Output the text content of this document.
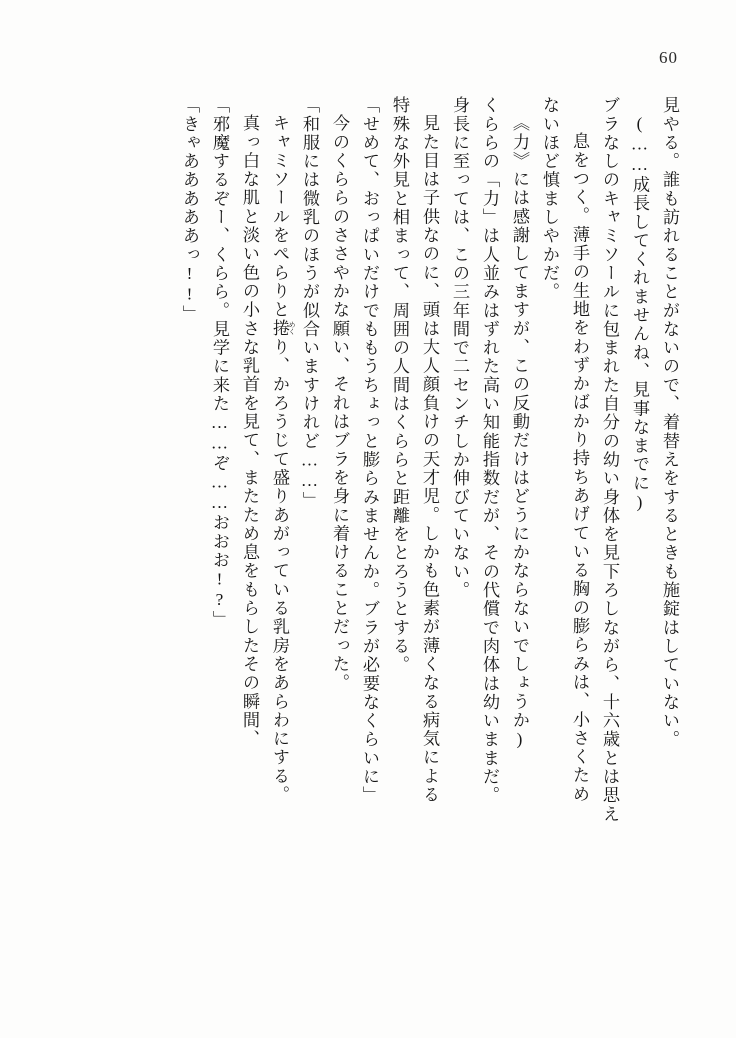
60
見やる。誰も訪れることがないので、着替えをするときも施錠はしていない。
(……成長してくれませんね、見事なまでに)
ブラなしのキャミソールに包まれた自分の幼い身体を見下ろしながら、十六歳とは思え
息をつく。薄手の生地をわずかばかり持ちあげている胸の膨らみは、小さくため
ないほど慎ましやかだ。
《力》には感謝してますが、この反動だけはどうにかならないでしょうか)
くららの「力」は人並みはずれた高い知能指数だが、その代償で肉体は幼いままだ。
身長に至っては、この三年間で二センチしか伸びていない。
見た目は子供なのに、頭は大人顔負けの天才児。しかも色素が薄くなる病気による
特殊な外見と相まって、周囲の人間はくららと距離をとろうとする。
「せめて、おっぱいだけでももうちょっと膨らみませんか。ブラが必要なくらいに」
今のくららのささやかな願い、それはブラを身に着けることだった。
「和服には微乳のほうが似合いますけれど……」
キャミソールをぺらりと捲 めく
り、かろうじて盛りあがっている乳房をあらわにする。
真っ白な肌と淡い色の小さな乳首を見て、またため息をもらしたその瞬間、
「邪魔するぞー、くらら。見学に来た……ぞ……おおお!?」
「きゃあああああっ!!」
